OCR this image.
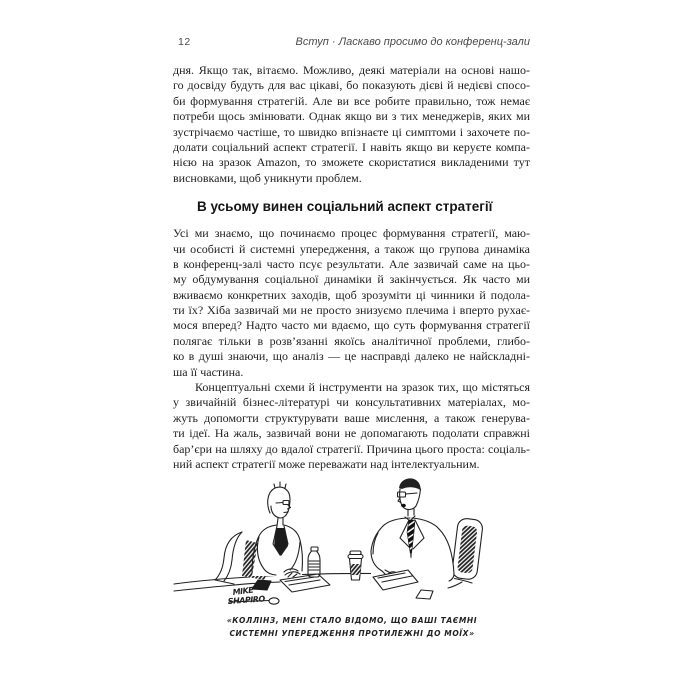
12	Вступ · Ласкаво просимо до конференц-зали
дня. Якщо так, вітаємо. Можливо, деякі матеріали на основі нашо-
го досвіду будуть для вас цікаві, бо показують дієві й недієві спосо-
би формування стратегій. Але ви все робите правильно, тож немає
потреби щось змінювати. Однак якщо ви з тих менеджерів, яких ми
зустрічаємо частіше, то швидко впізнаєте ці симптоми і захочете по-
долати соціальний аспект стратегії. І навіть якщо ви керуєте компа-
нією на зразок Amazon, то зможете скористатися викладеними тут
висновками, щоб уникнути проблем.
В усьому винен соціальний аспект стратегії
Усі ми знаємо, що починаємо процес формування стратегії, маю-
чи особисті й системні упередження, а також що групова динаміка
в конференц-залі часто псує результати. Але зазвичай саме на цьо-
му обдумування соціальної динаміки й закінчується. Як часто ми
вживаємо конкретних заходів, щоб зрозуміти ці чинники й подола-
ти їх? Хіба зазвичай ми не просто знизуємо плечима і вперто рухає-
мося вперед? Надто часто ми вдаємо, що суть формування стратегії
полягає тільки в розв’язанні якоїсь аналітичної проблеми, глибо-
ко в душі знаючи, що аналіз — це насправді далеко не найскладні-
ша її частина.
Концептуальні схеми й інструменти на зразок тих, що містяться
у звичайній бізнес-літературі чи консультативних матеріалах, мо-
жуть допомогти структурувати ваше мислення, а також генерува-
ти ідеї. На жаль, зазвичай вони не допомагають подолати справжні
бар’єри на шляху до вдалої стратегії. Причина цього проста: соціаль-
ний аспект стратегії може переважати над інтелектуальним.
MIKE
SHAPIRO
«КОЛЛІНЗ, МЕНІ СТАЛО ВІДОМО, ЩО ВАШІ ТАЄМНІ
СИСТЕМНІ УПЕРЕДЖЕННЯ ПРОТИЛЕЖНІ ДО МОЇХ»
